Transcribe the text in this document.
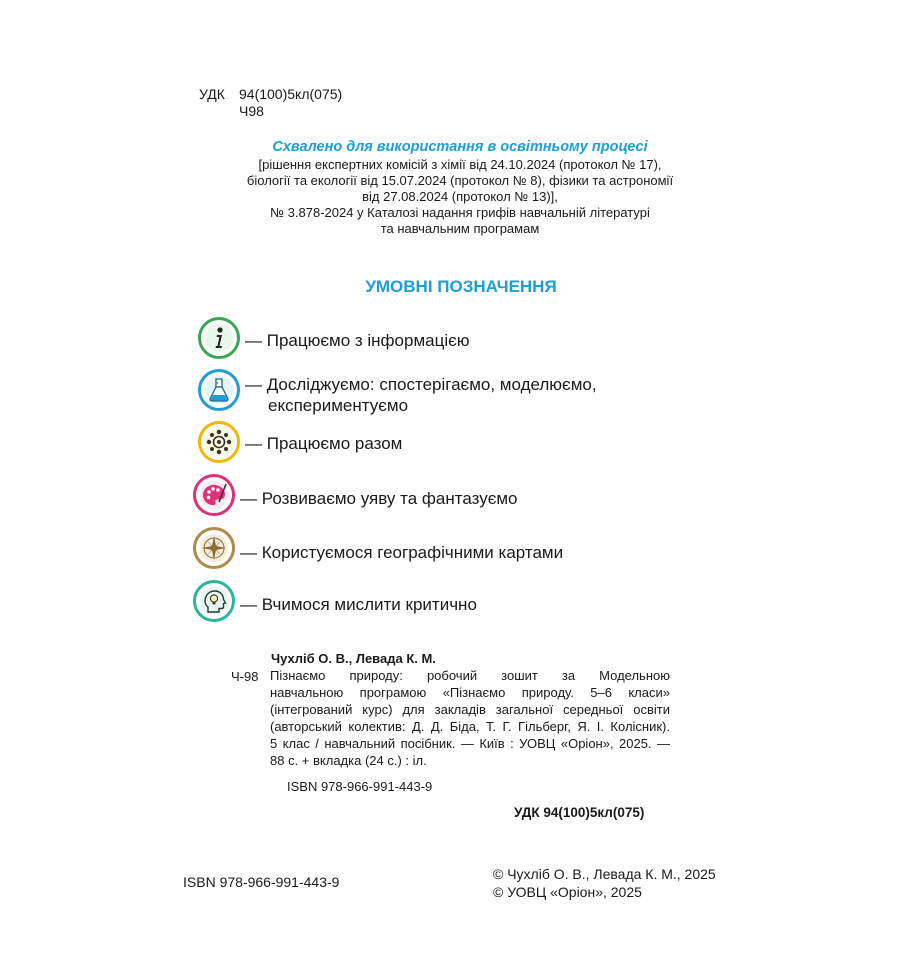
УДК	94(100)5кл(075)
Ч98
Схвалено для використання в освітньому процесі
[рішення експертних комісій з хімії від 24.10.2024 (протокол № 17),
біології та екології від 15.07.2024 (протокол № 8), фізики та астрономії
від 27.08.2024 (протокол № 13)],
№ 3.878-2024 у Каталозі надання грифів навчальній літературі
та навчальним програмам
УМОВНІ ПОЗНАЧЕННЯ
— Працюємо з інформацією
— Досліджуємо: спостерігаємо, моделюємо,
експериментуємо
— Працюємо разом
— Розвиваємо уяву та фантазуємо
— Користуємося географічними картами
— Вчимося мислити критично
Чухліб О. В., Левада К. М.
Ч-98 Пізнаємо природу: робочий зошит за Модельною
навчальною програмою «Пізнаємо природу. 5–6 класи»
(інтегрований курс) для закладів загальної середньої освіти
(авторський колектив: Д. Д. Біда, Т. Г. Гільберг, Я. І. Колісник).
5 клас / навчальний посібник. — Київ : УОВЦ «Оріон», 2025. —
88 с. + вкладка (24 с.) : іл.
ISBN 978-966-991-443-9
УДК 94(100)5кл(075)
ISBN 978-966-991-443-9	© Чухліб О. В., Левада К. М., 2025
© УОВЦ «Оріон», 2025
